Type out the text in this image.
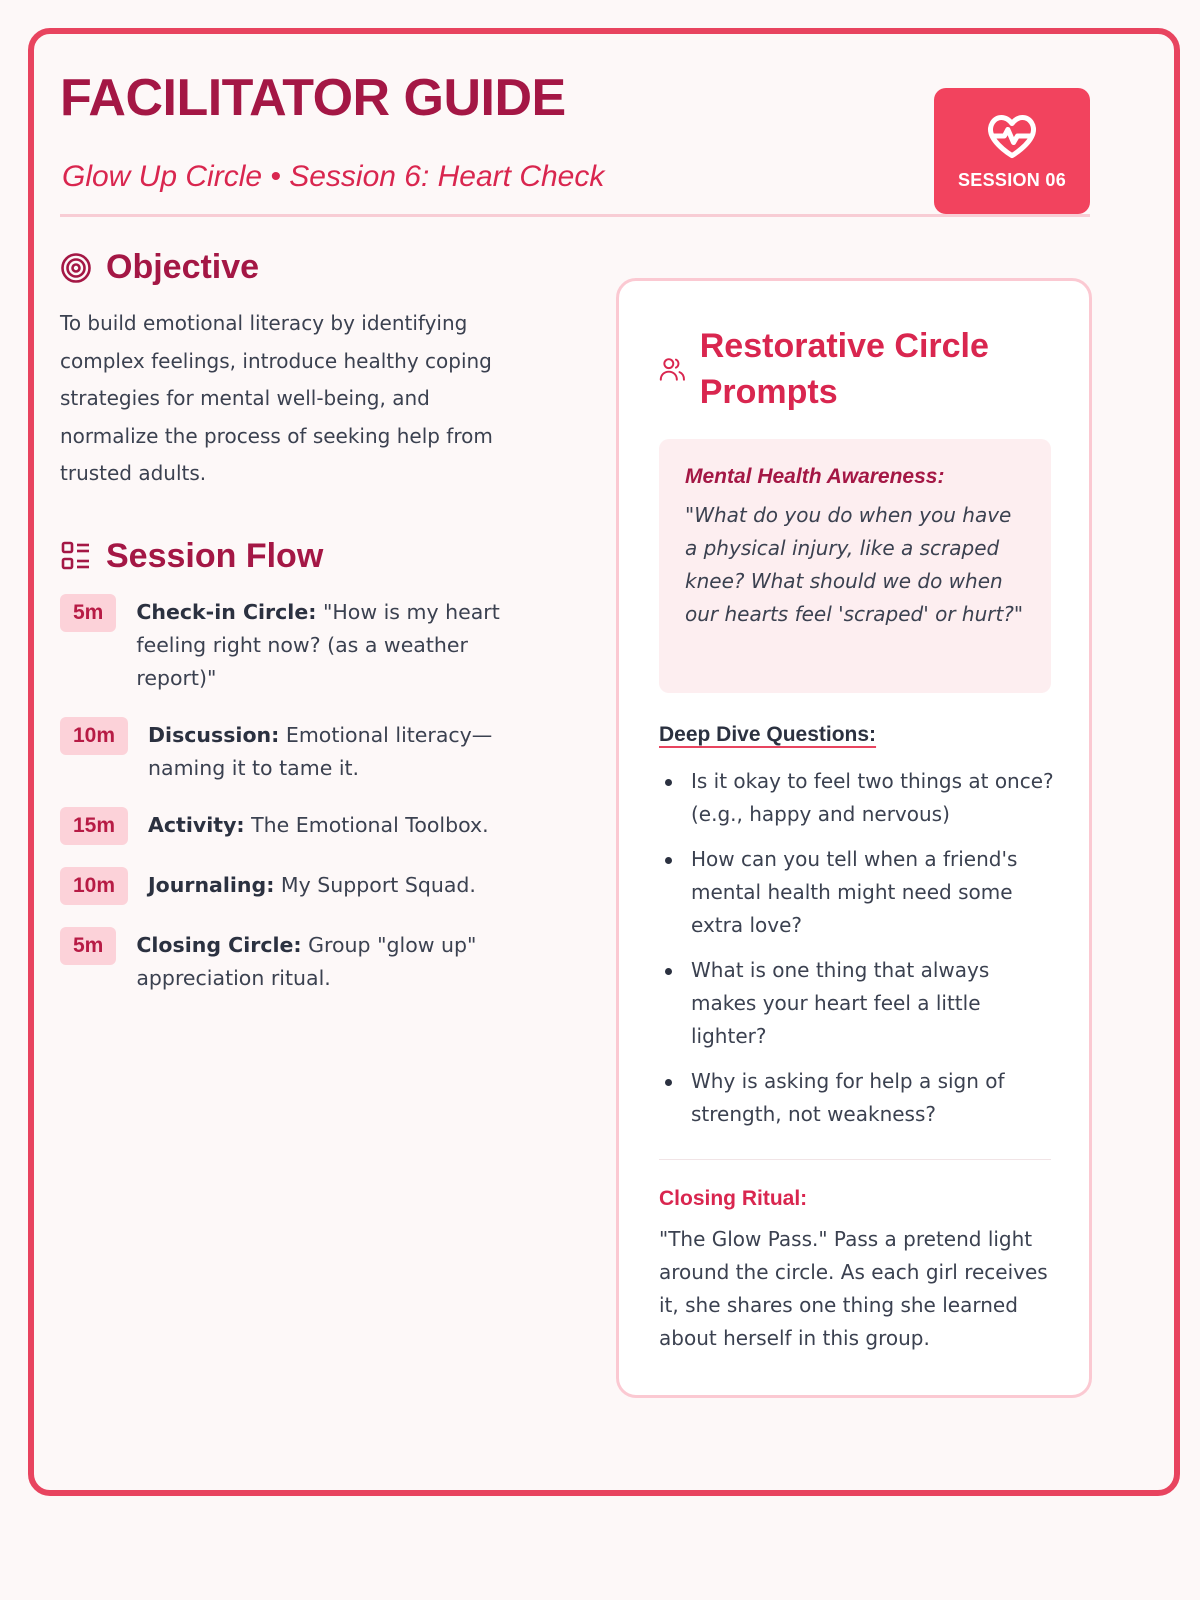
FACILITATOR GUIDE
Glow Up Circle • Session 6: Heart Check	SESSION 06
Objective

To build emotional literacy by identifying complex feelings, introduce healthy coping strategies for mental well-being, and normalize the process of seeking help from trusted adults.

Session Flow
5m	Check-in Circle: "How is my heart feeling right now? (as a weather report)"
10m	Discussion: Emotional literacy—naming it to tame it.
15m	Activity: The Emotional Toolbox.
10m	Journaling: My Support Squad.
5m	Closing Circle: Group "glow up" appreciation ritual.
Restorative Circle Prompts
Mental Health Awareness:
"What do you do when you have a physical injury, like a scraped knee? What should we do when our hearts feel 'scraped' or hurt?"
Deep Dive Questions:
Is it okay to feel two things at once? (e.g., happy and nervous)
How can you tell when a friend's mental health might need some extra love?
What is one thing that always makes your heart feel a little lighter?
Why is asking for help a sign of strength, not weakness?
Closing Ritual:
"The Glow Pass." Pass a pretend light around the circle. As each girl receives it, she shares one thing she learned about herself in this group.
